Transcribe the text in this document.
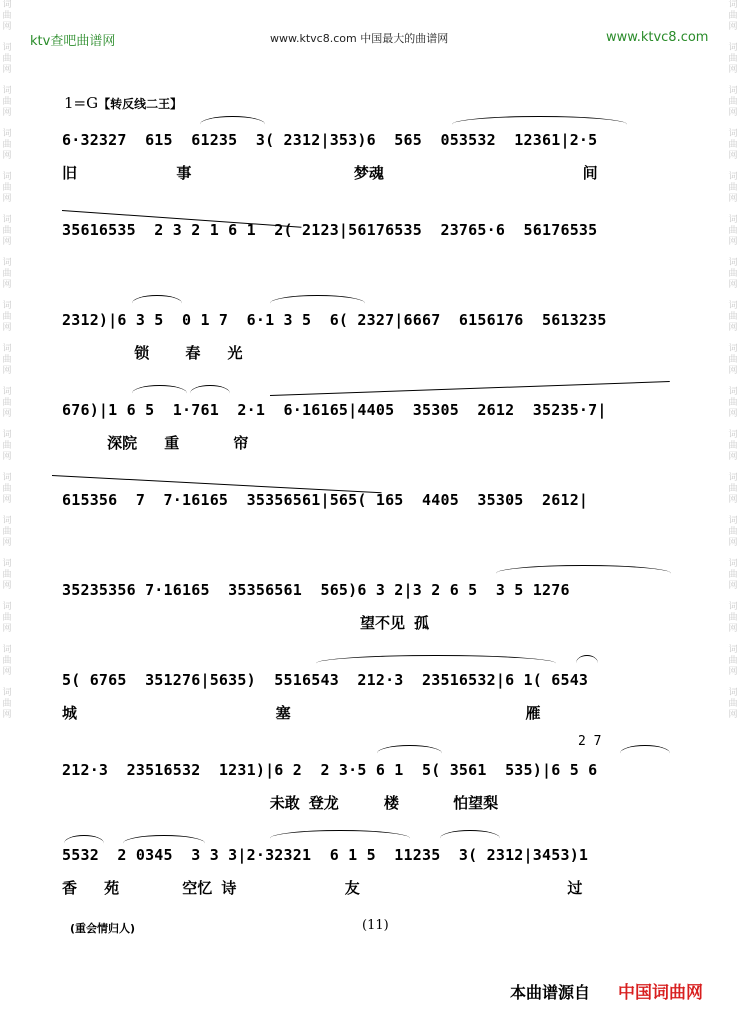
词
曲
网
词
曲
网
词
曲
网
词
曲
网
词
曲
网
词
曲
网
词
曲
网
词
曲
网
词
曲
网
词
曲
网
词
曲
网
词
曲
网
词
曲
网
词
曲
网
词
曲
网
词
曲
网
词
曲
网
词
曲
网
词
曲
网
词
曲
网
词
曲
网
词
曲
网
词
曲
网
词
曲
网
词
曲
网
词
曲
网
词
曲
网
词
曲
网
词
曲
网
词
曲
网
词
曲
网
词
曲
网
词
曲
网
词
曲
网
ktv查吧曲谱网	www.ktvc8.com 中国最大的曲谱网	www.ktvc8.com
1=G【转反线二王】
6·32327  615  61235  3( 2312|353)6  565  053532  12361|2·5
旧           事                  梦魂                      间
35616535  2 3 2 1 6 1  2( 2123|56176535  23765·6  56176535
2312)|6 3 5  0 1 7  6·1 3 5  6( 2327|6667  6156176  5613235
锁    春   光
676)|1 6 5  1·761  2·1  6·16165|4405  35305  2612  35235·7|
深院   重      帘
615356  7  7·16165  35356561|565( 165  4405  35305  2612|
35235356 7·16165  35356561  565)6 3 2|3 2 6 5  3 5 1276
望不见 孤
5( 6765  351276|5635)  5516543  212·3  23516532|6 1( 6543
城                      塞                          雁
212·3  23516532  1231)|6 2  2 3·5 6 1  5( 3561  535)|6 5 6
未敢 登龙     楼      怕望梨
5532  2 0345  3 3 3|2·32321  6 1 5  11235  3( 2312|3453)1
香   苑       空忆 诗            友                       过
2 7
(重会情归人)	(11)
本曲谱源自 中国词曲网
